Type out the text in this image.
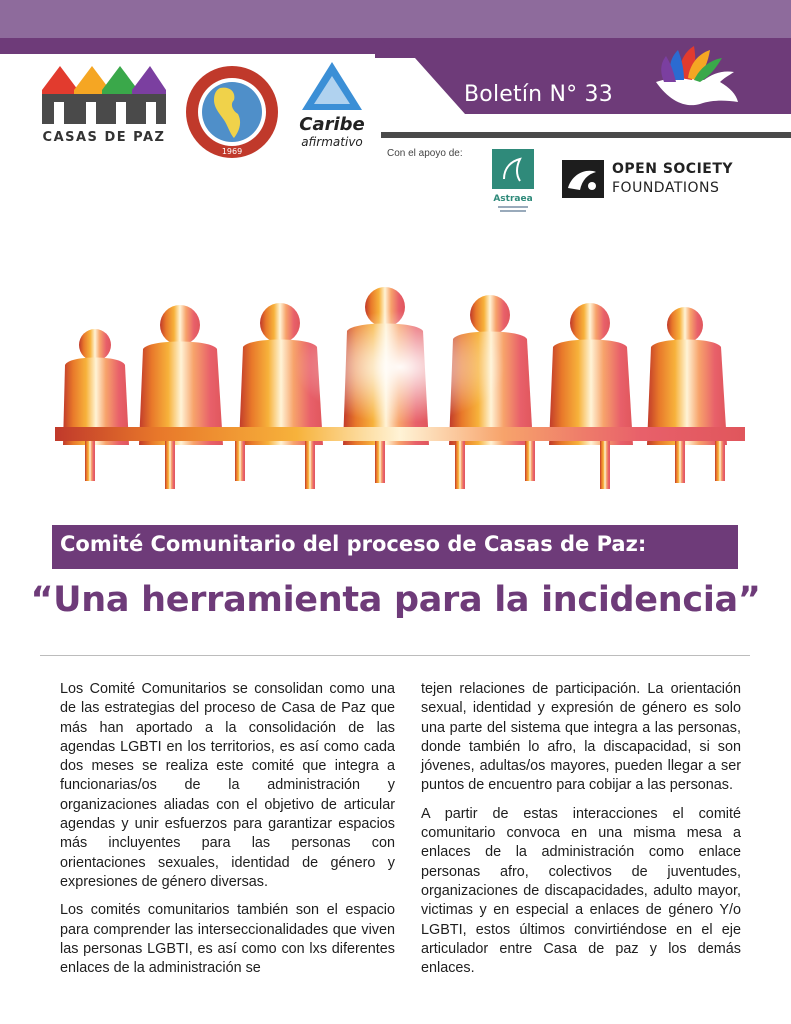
Boletín N° 33
CASAS DE PAZ
1969
Caribe
afirmativo
Con el apoyo de:
Astraea
OPEN SOCIETY
FOUNDATIONS
Comité Comunitario del proceso de Casas de Paz:
“Una herramienta para la incidencia”

Los Comité Comunitarios se consolidan como una de las estrategias del proceso de Casa de Paz que más han aportado a la consolidación de las agendas LGBTI en los territorios, es así como cada dos meses se realiza este comité que integra a funcionarias/os de la administración y organizaciones aliadas con el objetivo de articular agendas y unir esfuerzos para garantizar espacios más incluyentes para las personas con orientaciones sexuales, identidad de género y expresiones de género diversas.

Los comités comunitarios también son el espacio para comprender las interseccionalidades que viven las personas LGBTI, es así como con lxs diferentes enlaces de la administración se

tejen relaciones de participación. La orientación sexual, identidad y expresión de género es solo una parte del sistema que integra a las personas, donde también lo afro, la discapacidad, si son jóvenes, adultas/os mayores, pueden llegar a ser puntos de encuentro para cobijar a las personas.

A partir de estas interacciones el comité comunitario convoca en una misma mesa a enlaces de la administración como enlace personas afro, colectivos de juventudes, organizaciones de discapacidades, adulto mayor, victimas y en especial a enlaces de género Y/o LGBTI, estos últimos convirtiéndose en el eje articulador entre Casa de paz y los demás enlaces.
